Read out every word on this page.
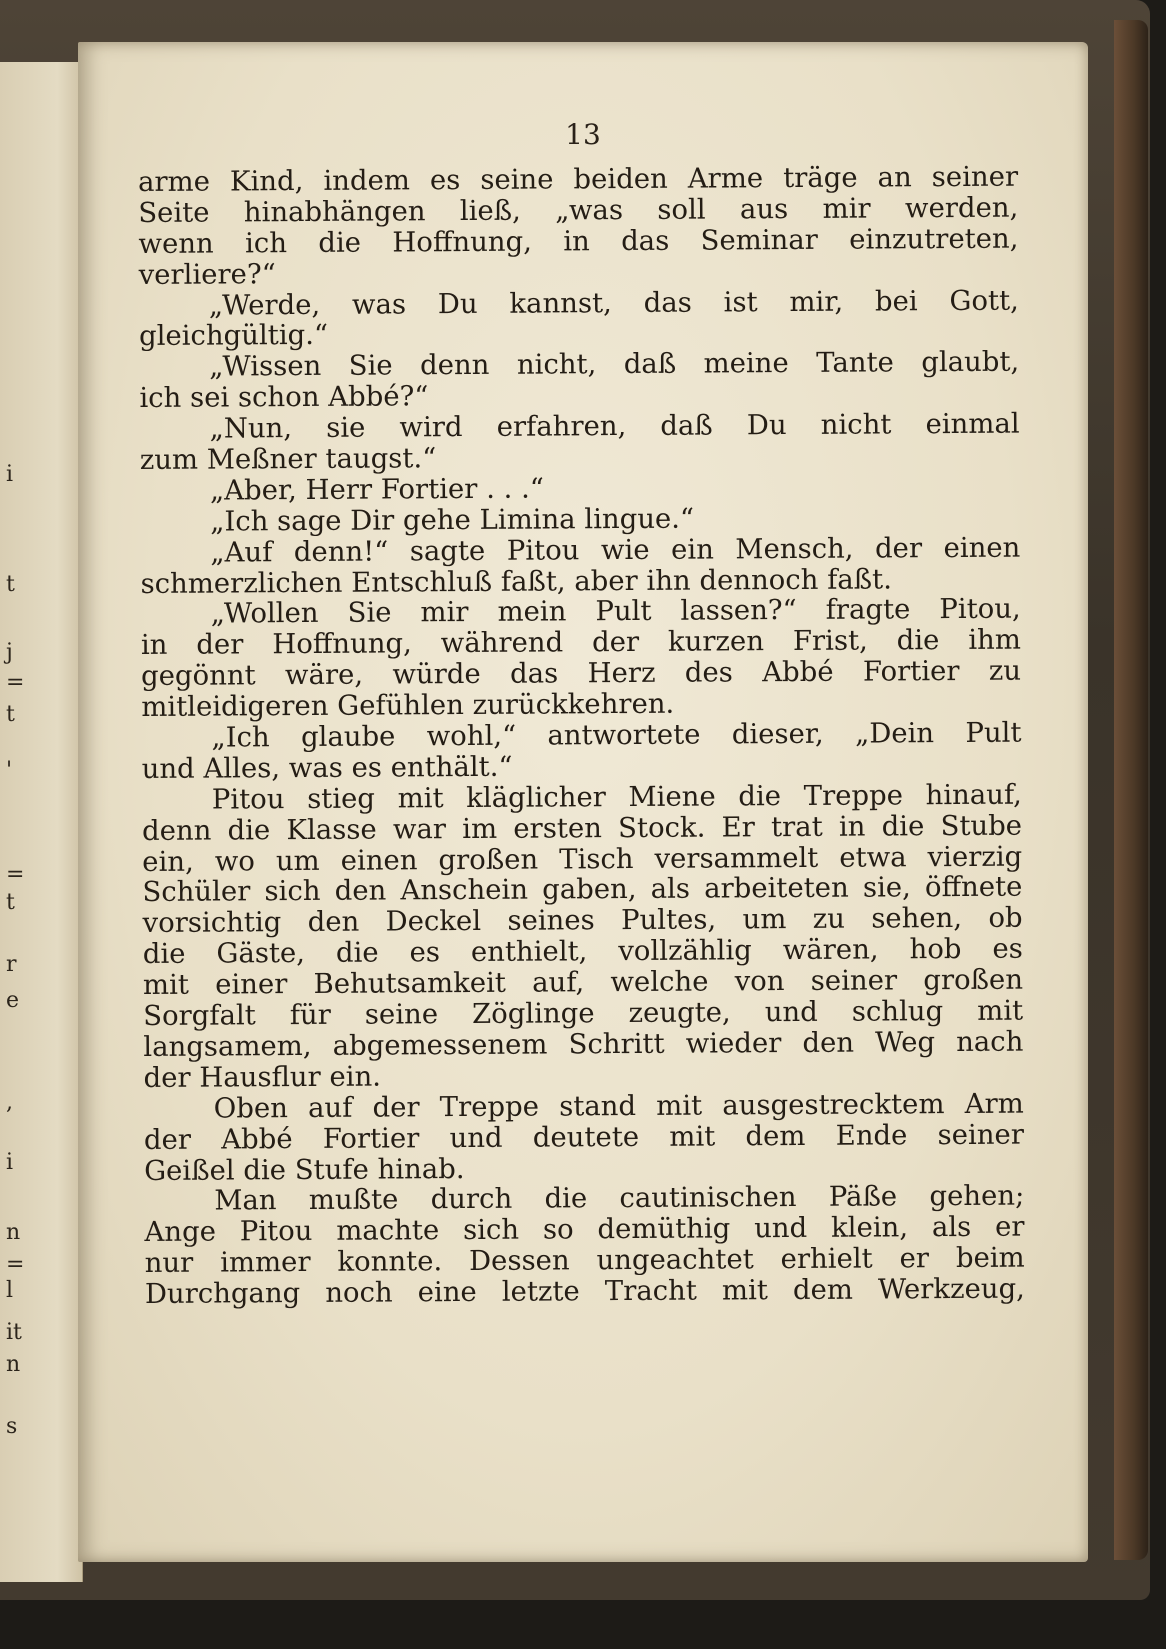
i
t
j
=
t
'
=
t
r
e
,
i
n
=
l
it
n
s
13
arme Kind, indem es seine beiden Arme träge an seiner
Seite hinabhängen ließ, „was soll aus mir werden,
wenn ich die Hoffnung, in das Seminar einzutreten,
verliere?“
„Werde, was Du kannst, das ist mir, bei Gott,
gleichgültig.“
„Wissen Sie denn nicht, daß meine Tante glaubt,
ich sei schon Abbé?“
„Nun, sie wird erfahren, daß Du nicht einmal
zum Meßner taugst.“
„Aber, Herr Fortier . . .“
„Ich sage Dir gehe Limina lingue.“
„Auf denn!“ sagte Pitou wie ein Mensch, der einen
schmerzlichen Entschluß faßt, aber ihn dennoch faßt.
„Wollen Sie mir mein Pult lassen?“ fragte Pitou,
in der Hoffnung, während der kurzen Frist, die ihm
gegönnt wäre, würde das Herz des Abbé Fortier zu
mitleidigeren Gefühlen zurückkehren.
„Ich glaube wohl,“ antwortete dieser, „Dein Pult
und Alles, was es enthält.“
Pitou stieg mit kläglicher Miene die Treppe hinauf,
denn die Klasse war im ersten Stock. Er trat in die Stube
ein, wo um einen großen Tisch versammelt etwa vierzig
Schüler sich den Anschein gaben, als arbeiteten sie, öffnete
vorsichtig den Deckel seines Pultes, um zu sehen, ob
die Gäste, die es enthielt, vollzählig wären, hob es
mit einer Behutsamkeit auf, welche von seiner großen
Sorgfalt für seine Zöglinge zeugte, und schlug mit
langsamem, abgemessenem Schritt wieder den Weg nach
der Hausflur ein.
Oben auf der Treppe stand mit ausgestrecktem Arm
der Abbé Fortier und deutete mit dem Ende seiner
Geißel die Stufe hinab.
Man mußte durch die cautinischen Päße gehen;
Ange Pitou machte sich so demüthig und klein, als er
nur immer konnte. Dessen ungeachtet erhielt er beim
Durchgang noch eine letzte Tracht mit dem Werkzeug,
